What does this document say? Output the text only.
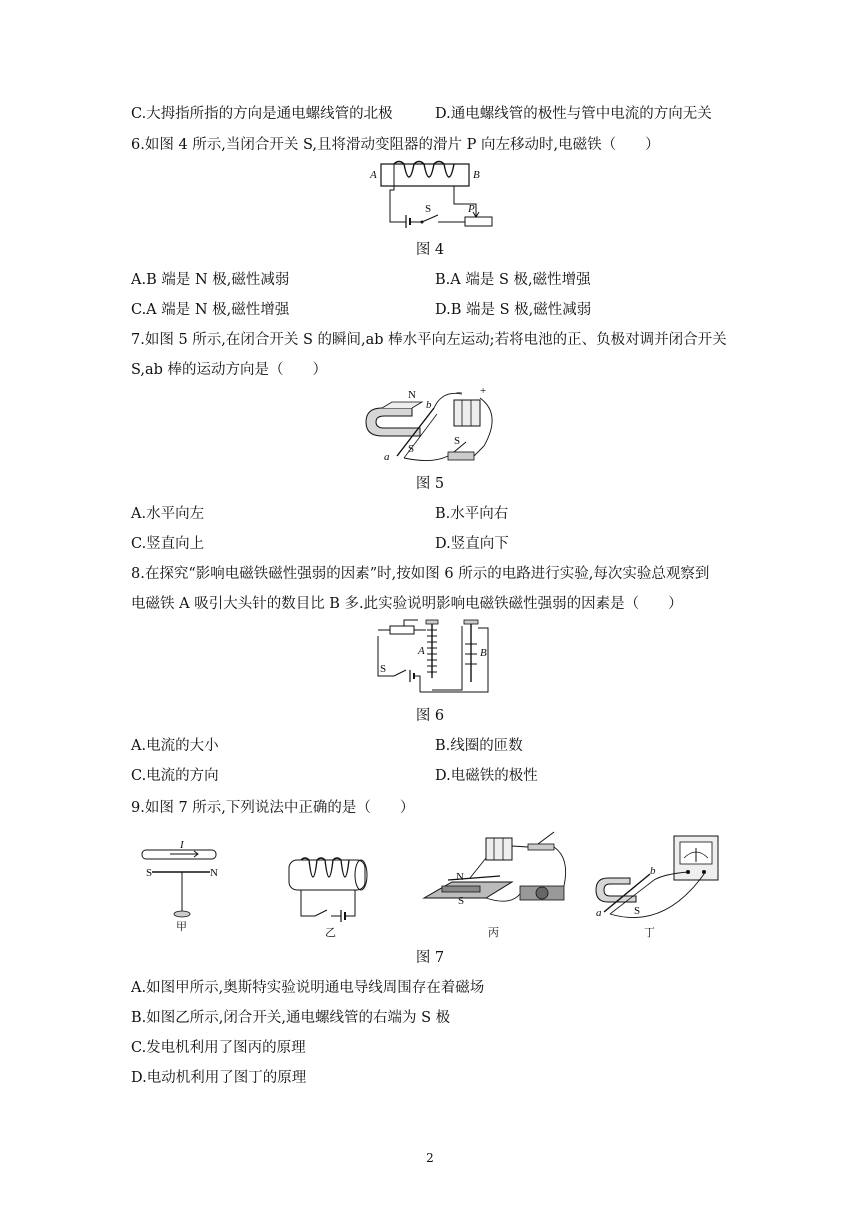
C.大拇指所指的方向是通电螺线管的北极	D.通电螺线管的极性与管中电流的方向无关
6.如图 4 所示,当闭合开关 S,且将滑动变阻器的滑片 P 向左移动时,电磁铁（　　）
A	B
S	P
图 4
A.B 端是 N 极,磁性减弱	B.A 端是 S 极,磁性增强
C.A 端是 N 极,磁性增强	D.B 端是 S 极,磁性减弱
7.如图 5 所示,在闭合开关 S 的瞬间,ab 棒水平向左运动;若将电池的正、负极对调并闭合开关
S,ab 棒的运动方向是（　　）
N
S
a
b
S
− +
图 5
A.水平向左	B.水平向右
C.竖直向上	D.竖直向下
8.在探究“影响电磁铁磁性强弱的因素”时,按如图 6 所示的电路进行实验,每次实验总观察到
电磁铁 A 吸引大头针的数目比 B 多.此实验说明影响电磁铁磁性强弱的因素是（　　）
S
A	B
图 6
A.电流的大小	B.线圈的匝数
C.电流的方向	D.电磁铁的极性
9.如图 7 所示,下列说法中正确的是（　　）
I
S	N
甲	乙
N
S
丙
b
a	S
丁
图 7
A.如图甲所示,奥斯特实验说明通电导线周围存在着磁场
B.如图乙所示,闭合开关,通电螺线管的右端为 S 极
C.发电机利用了图丙的原理
D.电动机利用了图丁的原理
2
